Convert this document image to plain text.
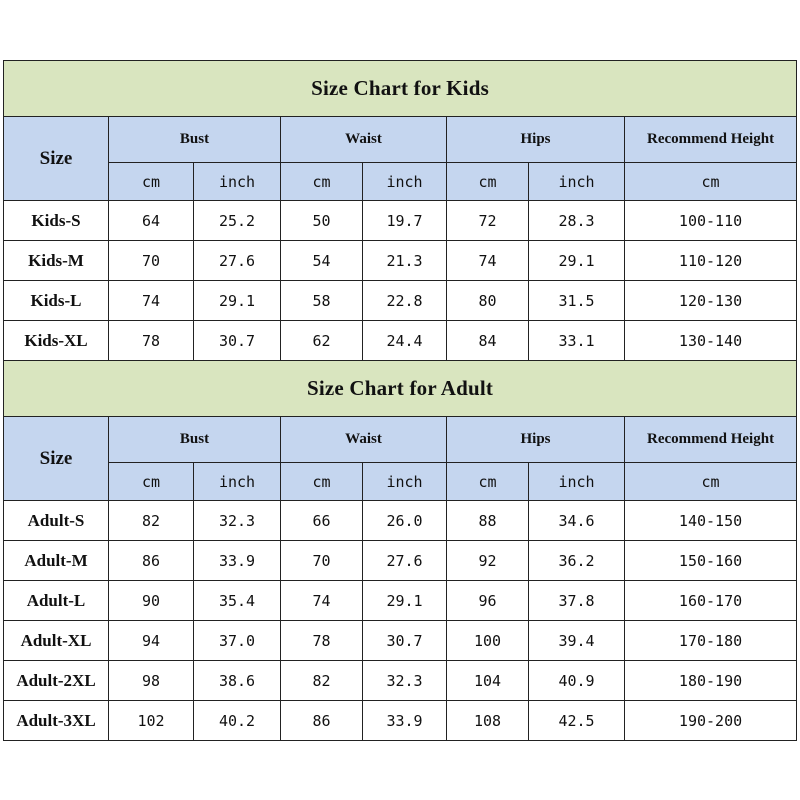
Size Chart for Kids							
Size	Bust		Waist		Hips		Recommend Height
	cm	inch	cm	inch	cm	inch	cm
Kids-S	64	25.2	50	19.7	72	28.3	100-110
Kids-M	70	27.6	54	21.3	74	29.1	110-120
Kids-L	74	29.1	58	22.8	80	31.5	120-130
Kids-XL	78	30.7	62	24.4	84	33.1	130-140
Size Chart for Adult							
Size	Bust		Waist		Hips		Recommend Height
	cm	inch	cm	inch	cm	inch	cm
Adult-S	82	32.3	66	26.0	88	34.6	140-150
Adult-M	86	33.9	70	27.6	92	36.2	150-160
Adult-L	90	35.4	74	29.1	96	37.8	160-170
Adult-XL	94	37.0	78	30.7	100	39.4	170-180
Adult-2XL	98	38.6	82	32.3	104	40.9	180-190
Adult-3XL	102	40.2	86	33.9	108	42.5	190-200
